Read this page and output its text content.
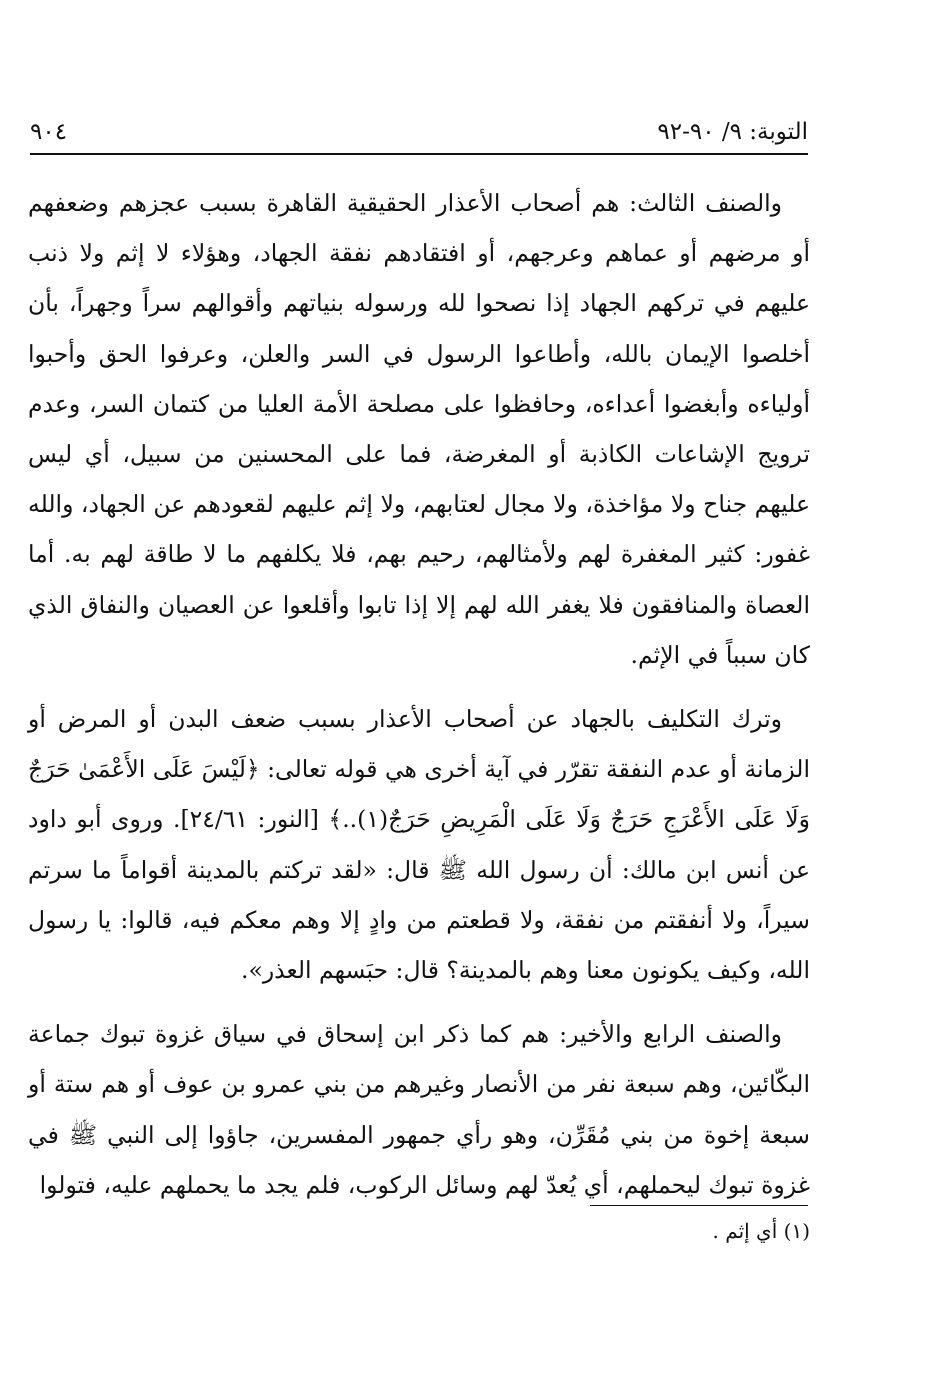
٩٠٤	التوبة: ٩/ ٩٠-٩٢

والصنف الثالث: هم أصحاب الأعذار الحقيقية القاهرة بسبب عجزهم وضعفهم أو مرضهم أو عماهم وعرجهم، أو افتقادهم نفقة الجهاد، وهؤلاء لا إثم ولا ذنب عليهم في تركهم الجهاد إذا نصحوا لله ورسوله بنياتهم وأقوالهم سراً وجهراً، بأن أخلصوا الإيمان بالله، وأطاعوا الرسول في السر والعلن، وعرفوا الحق وأحبوا أولياءه وأبغضوا أعداءه، وحافظوا على مصلحة الأمة العليا من كتمان السر، وعدم ترويج الإشاعات الكاذبة أو المغرضة، فما على المحسنين من سبيل، أي ليس عليهم جناح ولا مؤاخذة، ولا مجال لعتابهم، ولا إثم عليهم لقعودهم عن الجهاد، والله غفور: كثير المغفرة لهم ولأمثالهم، رحيم بهم، فلا يكلفهم ما لا طاقة لهم به. أما العصاة والمنافقون فلا يغفر الله لهم إلا إذا تابوا وأقلعوا عن العصيان والنفاق الذي كان سبباً في الإثم.

وترك التكليف بالجهاد عن أصحاب الأعذار بسبب ضعف البدن أو المرض أو الزمانة أو عدم النفقة تقرّر في آية أخرى هي قوله تعالى: ﴿لَيْسَ عَلَى الأَعْمَىٰ حَرَجٌ وَلَا عَلَى الأَعْرَجِ حَرَجٌ وَلَا عَلَى الْمَرِيضِ حَرَجٌ(١)..﴾ [النور: ٢٤/٦١]. وروى أبو داود عن أنس ابن مالك: أن رسول الله ﷺ قال: «لقد تركتم بالمدينة أقواماً ما سرتم سيراً، ولا أنفقتم من نفقة، ولا قطعتم من وادٍ إلا وهم معكم فيه، قالوا: يا رسول الله، وكيف يكونون معنا وهم بالمدينة؟ قال: حبَسهم العذر».

والصنف الرابع والأخير: هم كما ذكر ابن إسحاق في سياق غزوة تبوك جماعة البكّائين، وهم سبعة نفر من الأنصار وغيرهم من بني عمرو بن عوف أو هم ستة أو سبعة إخوة من بني مُقَرِّن، وهو رأي جمهور المفسرين، جاؤوا إلى النبي ﷺ في غزوة تبوك ليحملهم، أي يُعدّ لهم وسائل الركوب، فلم يجد ما يحملهم عليه، فتولوا

(١) أي إثم .
